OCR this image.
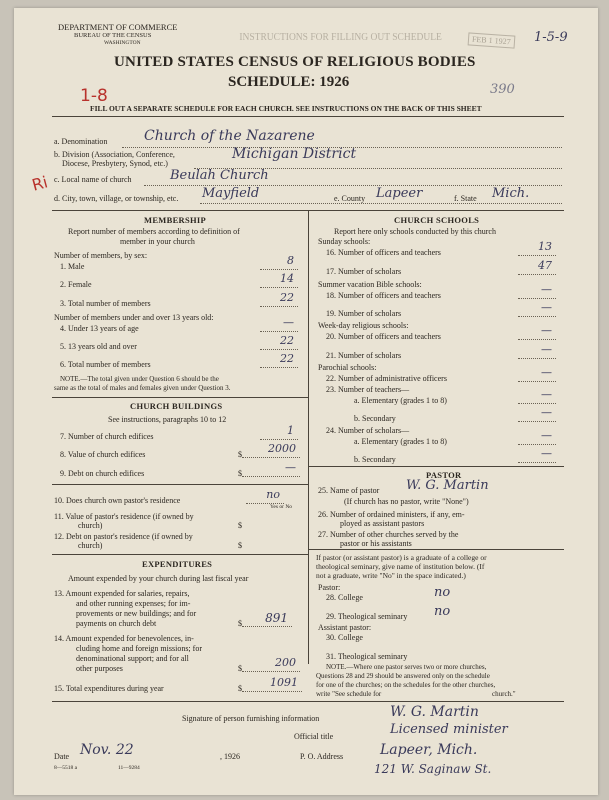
DEPARTMENT OF COMMERCE
BUREAU OF THE CENSUS
WASHINGTON	INSTRUCTIONS FOR FILLING OUT SCHEDULE	FEB 1 1927	1-5-9
UNITED STATES CENSUS OF RELIGIOUS BODIES
SCHEDULE: 1926
1-8	390
FILL OUT A SEPARATE SCHEDULE FOR EACH CHURCH. SEE INSTRUCTIONS ON THE BACK OF THIS SHEET
a. Denomination	Church of the Nazarene
b. Division (Association, Conference,
Diocese, Presbytery, Synod, etc.)
Michigan District
c. Local name of church	Beulah Church
Ri
d. City, town, village, or township, etc. Mayfield	e. County Lapeer	f. State Mich.
MEMBERSHIP
Report number of members according to definition of
member in your church
Number of members, by sex:
1. Male	8
2. Female	14
3. Total number of members	22
Number of members under and over 13 years old:
4. Under 13 years of age	—
5. 13 years old and over	22
6. Total number of members	22
NOTE.—The total given under Question 6 should be the
same as the total of males and females given under Question 3.
CHURCH BUILDINGS
See instructions, paragraphs 10 to 12
7. Number of church edifices	1
8. Value of church edifices	$	2000
9. Debt on church edifices	$	—
10. Does church own pastor's residence	no
Yes or No
11. Value of pastor's residence (if owned by
church)	$
12. Debt on pastor's residence (if owned by
church)	$
EXPENDITURES
Amount expended by your church during last fiscal year
13. Amount expended for salaries, repairs,
and other running expenses; for im-
provements or new buildings; and for
payments on church debt	$	891
14. Amount expended for benevolences, in-
cluding home and foreign missions; for
denominational support; and for all
other purposes	$	200
15. Total expenditures during year	$	1091
CHURCH SCHOOLS
Report here only schools conducted by this church
Sunday schools:
16. Number of officers and teachers	13
17. Number of scholars	47
Summer vacation Bible schools:
18. Number of officers and teachers	—
19. Number of scholars	—
Week-day religious schools:
20. Number of officers and teachers	—
21. Number of scholars	—
Parochial schools:
22. Number of administrative officers	—
23. Number of teachers—
a. Elementary (grades 1 to 8)	—
b. Secondary	—
24. Number of scholars—
a. Elementary (grades 1 to 8)	—
b. Secondary	—
PASTOR
25. Name of pastor W. G. Martin
(If church has no pastor, write "None")
26. Number of ordained ministers, if any, em-
ployed as assistant pastors
27. Number of other churches served by the
pastor or his assistants
If pastor (or assistant pastor) is a graduate of a college or
theological seminary, give name of institution below. (If
not a graduate, write "No" in the space indicated.)
Pastor:
28. College	no
29. Theological seminary no
Assistant pastor:
30. College
31. Theological seminary
NOTE.—Where one pastor serves two or more churches,
Questions 28 and 29 should be answered only on the schedule
for one of the churches; on the schedules for the other churches,
write "See schedule for	church."
Signature of person furnishing information	W. G. Martin
Official title	Licensed minister
Date Nov. 22	, 1926	P. O. Address	Lapeer, Mich.
8—5518 a	11—9284	121 W. Saginaw St.
